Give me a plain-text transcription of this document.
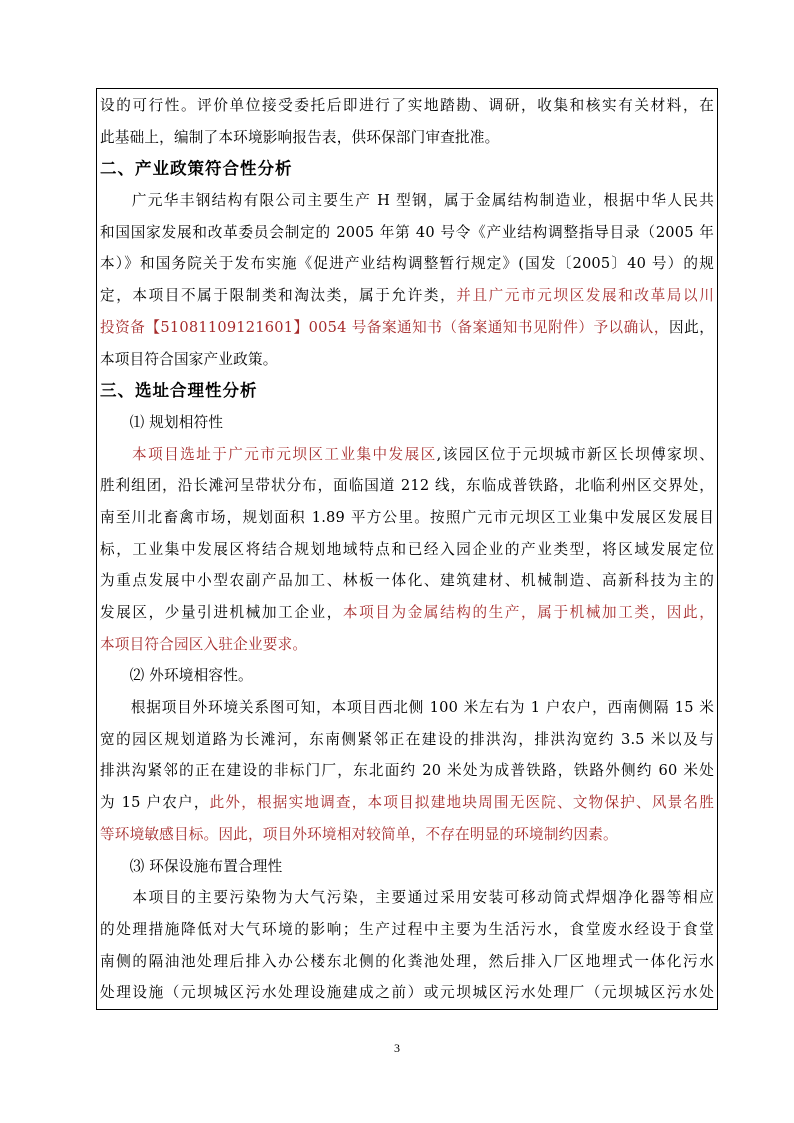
设的可行性。评价单位接受委托后即进行了实地踏勘、调研，收集和核实有关材料，在
此基础上，编制了本环境影响报告表，供环保部门审查批准。
二、产业政策符合性分析
　　广元华丰钢结构有限公司主要生产 H 型钢，属于金属结构制造业，根据中华人民共
和国国家发展和改革委员会制定的 2005 年第 40 号令《产业结构调整指导目录（2005 年
本）》和国务院关于发布实施《促进产业结构调整暂行规定》(国发〔2005〕40 号）的规
定，本项目不属于限制类和淘汰类，属于允许类，并且广元市元坝区发展和改革局以川
投资备【51081109121601】0054 号备案通知书（备案通知书见附件）予以确认，因此，
本项目符合国家产业政策。
三、选址合理性分析
　　⑴ 规划相符性
　　本项目选址于广元市元坝区工业集中发展区,该园区位于元坝城市新区长坝傅家坝、
胜利组团，沿长滩河呈带状分布，面临国道 212 线，东临成普铁路，北临利州区交界处，
南至川北畜禽市场，规划面积 1.89 平方公里。按照广元市元坝区工业集中发展区发展目
标，工业集中发展区将结合规划地域特点和已经入园企业的产业类型，将区域发展定位
为重点发展中小型农副产品加工、林板一体化、建筑建材、机械制造、高新科技为主的
发展区，少量引进机械加工企业，本项目为金属结构的生产，属于机械加工类，因此，
本项目符合园区入驻企业要求。
　　⑵ 外环境相容性。
　　根据项目外环境关系图可知，本项目西北侧 100 米左右为 1 户农户，西南侧隔 15 米
宽的园区规划道路为长滩河，东南侧紧邻正在建设的排洪沟，排洪沟宽约 3.5 米以及与
排洪沟紧邻的正在建设的非标门厂，东北面约 20 米处为成普铁路，铁路外侧约 60 米处
为 15 户农户，此外，根据实地调查，本项目拟建地块周围无医院、文物保护、风景名胜
等环境敏感目标。因此，项目外环境相对较简单，不存在明显的环境制约因素。
　　⑶ 环保设施布置合理性
　　本项目的主要污染物为大气污染，主要通过采用安装可移动筒式焊烟净化器等相应
的处理措施降低对大气环境的影响；生产过程中主要为生活污水，食堂废水经设于食堂
南侧的隔油池处理后排入办公楼东北侧的化粪池处理，然后排入厂区地埋式一体化污水
处理设施（元坝城区污水处理设施建成之前）或元坝城区污水处理厂（元坝城区污水处
3
